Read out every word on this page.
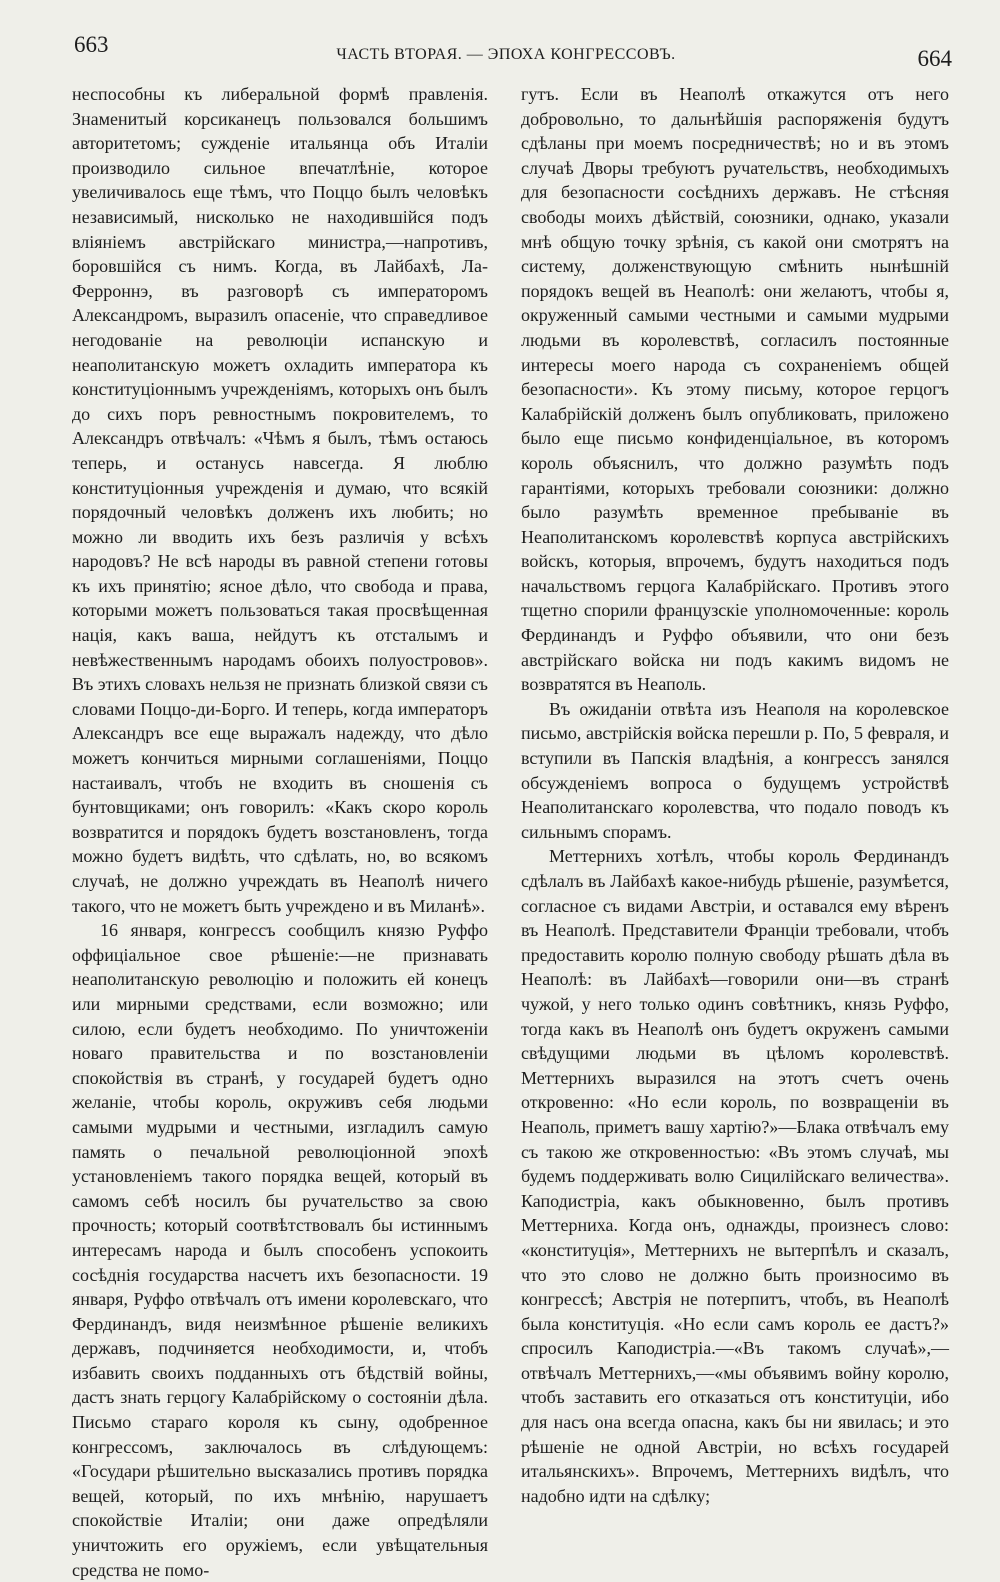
663	ЧАСТЬ ВТОРАЯ. — ЭПОХА КОНГРЕССОВЪ.	664

неспособны къ либеральной формѣ правленія. Знаменитый корсиканецъ пользовался большимъ авторитетомъ; сужденіе итальянца объ Италіи производило сильное впечатлѣніе, которое увеличивалось еще тѣмъ, что Поццо былъ человѣкъ независимый, нисколько не находившійся подъ вліяніемъ австрійскаго министра,—напротивъ, боровшійся съ нимъ. Когда, въ Лайбахѣ, Ла-Ферроннэ, въ разговорѣ съ императоромъ Александромъ, выразилъ опасеніе, что справедливое негодованіе на революціи испанскую и неаполитанскую можетъ охладить императора къ конституціоннымъ учрежденіямъ, которыхъ онъ былъ до сихъ поръ ревностнымъ покровителемъ, то Александръ отвѣчалъ: «Чѣмъ я былъ, тѣмъ остаюсь теперь, и останусь навсегда. Я люблю конституціонныя учрежденія и думаю, что всякій порядочный человѣкъ долженъ ихъ любить; но можно ли вводить ихъ безъ различія у всѣхъ народовъ? Не всѣ народы въ равной степени готовы къ ихъ принятію; ясное дѣло, что свобода и права, которыми можетъ пользоваться такая просвѣщенная нація, какъ ваша, нейдутъ къ отсталымъ и невѣжественнымъ народамъ обоихъ полуостровов». Въ этихъ словахъ нельзя не признать близкой связи съ словами Поццо-ди-Борго. И теперь, когда императоръ Александръ все еще выражалъ надежду, что дѣло можетъ кончиться мирными соглашеніями, Поццо настаивалъ, чтобъ не входить въ сношенія съ бунтовщиками; онъ говорилъ: «Какъ скоро король возвратится и порядокъ будетъ возстановленъ, тогда можно будетъ видѣть, что сдѣлать, но, во всякомъ случаѣ, не должно учреждать въ Неаполѣ ничего такого, что не можетъ быть учреждено и въ Миланѣ».

16 января, конгрессъ сообщилъ князю Руффо оффиціальное свое рѣшеніе:—не признавать неаполитанскую революцію и положить ей конецъ или мирными средствами, если возможно; или силою, если будетъ необходимо. По уничтоженіи новаго правительства и по возстановленіи спокойствія въ странѣ, у государей будетъ одно желаніе, чтобы король, окруживъ себя людьми самыми мудрыми и честными, изгладилъ самую память о печальной революціонной эпохѣ установленіемъ такого порядка вещей, который въ самомъ себѣ носилъ бы ручательство за свою прочность; который соотвѣтствовалъ бы истиннымъ интересамъ народа и былъ способенъ успокоить сосѣднія государства насчетъ ихъ безопасности. 19 января, Руффо отвѣчалъ отъ имени королевскаго, что Фердинандъ, видя неизмѣнное рѣшеніе великихъ державъ, подчиняется необходимости, и, чтобъ избавить своихъ подданныхъ отъ бѣдствій войны, дастъ знать герцогу Калабрійскому о состояніи дѣла. Письмо стараго короля къ сыну, одобренное конгрессомъ, заключалось въ слѣдующемъ: «Государи рѣшительно высказались противъ порядка вещей, который, по ихъ мнѣнію, нарушаетъ спокойствіе Италіи; они даже опредѣляли уничтожить его оружіемъ, если увѣщательныя средства не помо-

гутъ. Если въ Неаполѣ откажутся отъ него добровольно, то дальнѣйшія распоряженія будутъ сдѣланы при моемъ посредничествѣ; но и въ этомъ случаѣ Дворы требуютъ ручательствъ, необходимыхъ для безопасности сосѣднихъ державъ. Не стѣсняя свободы моихъ дѣйствій, союзники, однако, указали мнѣ общую точку зрѣнія, съ какой они смотрятъ на систему, долженствующую смѣнить нынѣшній порядокъ вещей въ Неаполѣ: они желаютъ, чтобы я, окруженный самыми честными и самыми мудрыми людьми въ королевствѣ, согласилъ постоянные интересы моего народа съ сохраненіемъ общей безопасности». Къ этому письму, которое герцогъ Калабрійскій долженъ былъ опубликовать, приложено было еще письмо конфиденціальное, въ которомъ король объяснилъ, что должно разумѣть подъ гарантіями, которыхъ требовали союзники: должно было разумѣть временное пребываніе въ Неаполитанскомъ королевствѣ корпуса австрійскихъ войскъ, которыя, впрочемъ, будутъ находиться подъ начальствомъ герцога Калабрійскаго. Противъ этого тщетно спорили французскіе уполномоченные: король Фердинандъ и Руффо объявили, что они безъ австрійскаго войска ни подъ какимъ видомъ не возвратятся въ Неаполь.

Въ ожиданіи отвѣта изъ Неаполя на королевское письмо, австрійскія войска перешли р. По, 5 февраля, и вступили въ Папскія владѣнія, а конгрессъ занялся обсужденіемъ вопроса о будущемъ устройствѣ Неаполитанскаго королевства, что подало поводъ къ сильнымъ спорамъ.

Меттернихъ хотѣлъ, чтобы король Фердинандъ сдѣлалъ въ Лайбахѣ какое-нибудь рѣшеніе, разумѣется, согласное съ видами Австріи, и оставался ему вѣренъ въ Неаполѣ. Представители Франціи требовали, чтобъ предоставить королю полную свободу рѣшать дѣла въ Неаполѣ: въ Лайбахѣ—говорили они—въ странѣ чужой, у него только одинъ совѣтникъ, князь Руффо, тогда какъ въ Неаполѣ онъ будетъ окруженъ самыми свѣдущими людьми въ цѣломъ королевствѣ. Меттернихъ выразился на этотъ счетъ очень откровенно: «Но если король, по возвращеніи въ Неаполь, приметъ вашу хартію?»—Блака отвѣчалъ ему съ такою же откровенностью: «Въ этомъ случаѣ, мы будемъ поддерживать волю Сицилійскаго величества». Каподистріа, какъ обыкновенно, былъ противъ Меттерниха. Когда онъ, однажды, произнесъ слово: «конституція», Меттернихъ не вытерпѣлъ и сказалъ, что это слово не должно быть произносимо въ конгрессѣ; Австрія не потерпитъ, чтобъ, въ Неаполѣ была конституція. «Но если самъ король ее дастъ?» спросилъ Каподистріа.—«Въ такомъ случаѣ»,—отвѣчалъ Меттернихъ,—«мы объявимъ войну королю, чтобъ заставить его отказаться отъ конституціи, ибо для насъ она всегда опасна, какъ бы ни явилась; и это рѣшеніе не одной Австріи, но всѣхъ государей итальянскихъ». Впрочемъ, Меттернихъ видѣлъ, что надобно идти на сдѣлку;
